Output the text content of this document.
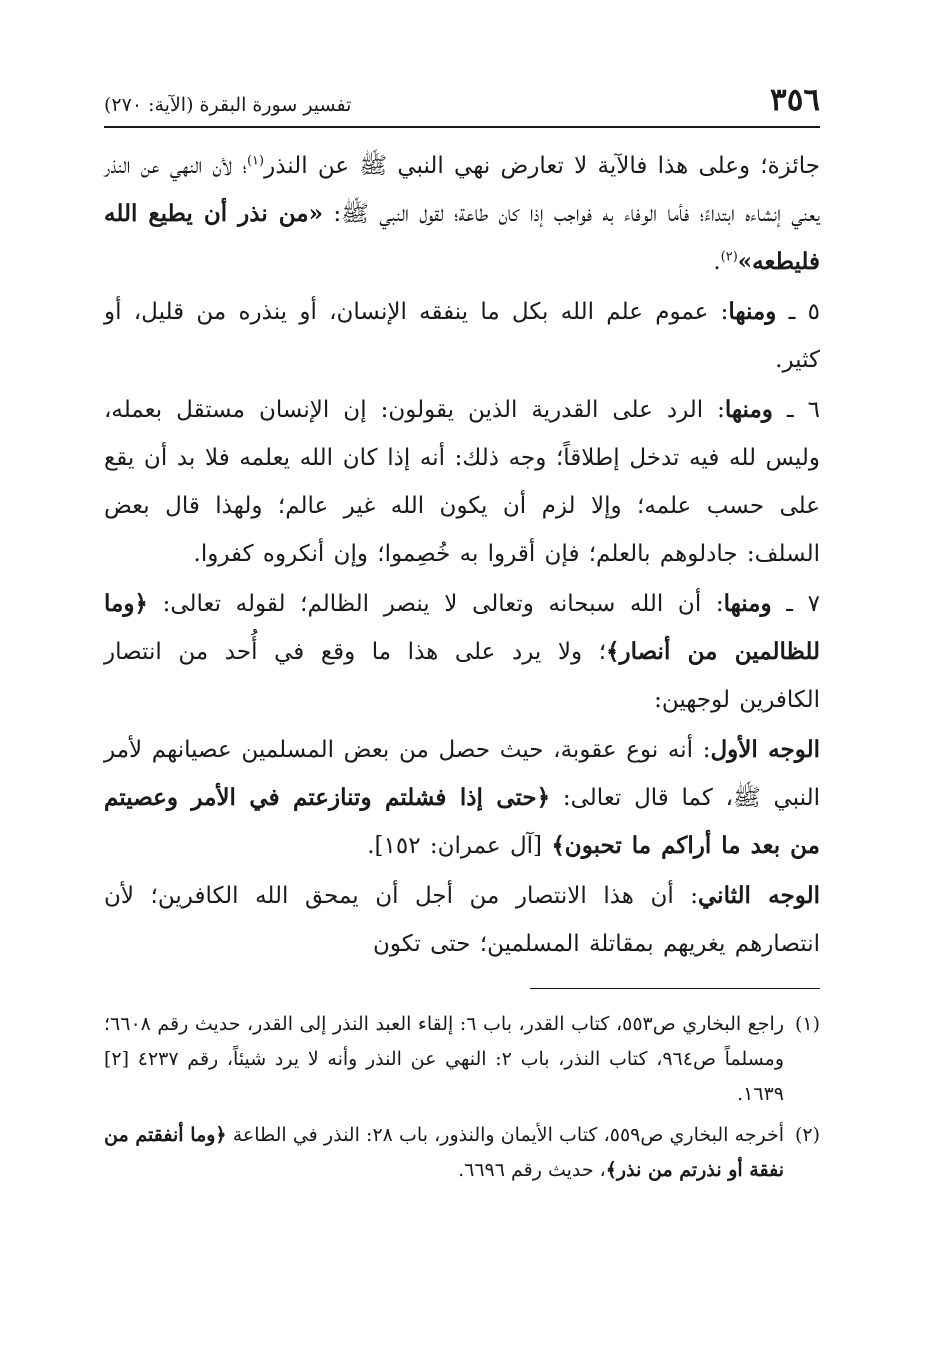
٣٥٦
تفسير سورة البقرة (الآية: ٢٧٠)

جائزة؛ وعلى هذا فالآية لا تعارض نهي النبي ﷺ عن النذر$^{(١)}$؛ لأن النهي عن النذر يعني إنشاءه ابتداءً؛ فأما الوفاء به فواجب إذا كان طاعة؛ لقول النبي ﷺ: «من نذر أن يطيع الله فليطعه»$^{(٢)}$.

٥ ـ ومنها: عموم علم الله بكل ما ينفقه الإنسان، أو ينذره من قليل، أو كثير.

٦ ـ ومنها: الرد على القدرية الذين يقولون: إن الإنسان مستقل بعمله، وليس لله فيه تدخل إطلاقاً؛ وجه ذلك: أنه إذا كان الله يعلمه فلا بد أن يقع على حسب علمه؛ وإلا لزم أن يكون الله غير عالم؛ ولهذا قال بعض السلف: جادلوهم بالعلم؛ فإن أقروا به خُصِموا؛ وإن أنكروه كفروا.

٧ ـ ومنها: أن الله سبحانه وتعالى لا ينصر الظالم؛ لقوله تعالى: ﴿وما للظالمين من أنصار﴾؛ ولا يرد على هذا ما وقع في أُحد من انتصار الكافرين لوجهين:

الوجه الأول: أنه نوع عقوبة، حيث حصل من بعض المسلمين عصيانهم لأمر النبي ﷺ، كما قال تعالى: ﴿حتى إذا فشلتم وتنازعتم في الأمر وعصيتم من بعد ما أراكم ما تحبون﴾ [آل عمران: ١٥٢].

الوجه الثاني: أن هذا الانتصار من أجل أن يمحق الله الكافرين؛ لأن انتصارهم يغريهم بمقاتلة المسلمين؛ حتى تكون

(١)
راجع البخاري ص٥٥٣، كتاب القدر، باب ٦: إلقاء العبد النذر إلى القدر، حديث رقم ٦٦٠٨؛ ومسلماً ص٩٦٤، كتاب النذر، باب ٢: النهي عن النذر وأنه لا يرد شيئاً، رقم ٤٢٣٧ [٢] ١٦٣٩.
(٢)
أخرجه البخاري ص٥٥٩، كتاب الأيمان والنذور، باب ٢٨: النذر في الطاعة ﴿وما أنفقتم من نفقة أو نذرتم من نذر﴾، حديث رقم ٦٦٩٦.
